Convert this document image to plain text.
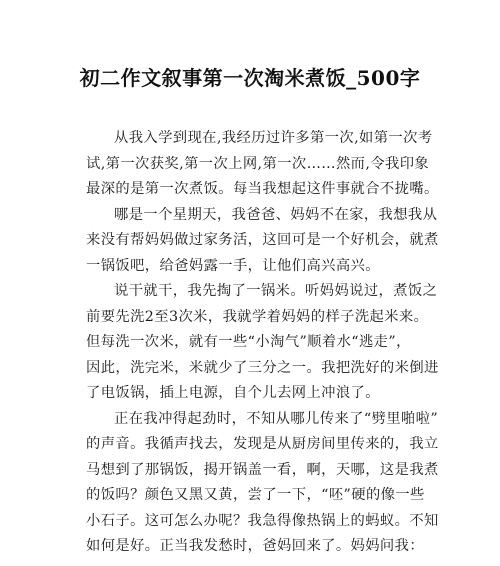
初二作文叙事第一次淘米煮饭_500字
从我入学到现在,我经历过许多第一次,如第一次考
试,第一次获奖,第一次上网,第一次……然而,令我印象
最深的是第一次煮饭。每当我想起这件事就合不拢嘴。
哪是一个星期天，我爸爸、妈妈不在家，我想我从
来没有帮妈妈做过家务活，这回可是一个好机会，就煮
一锅饭吧，给爸妈露一手，让他们高兴高兴。
说干就干，我先掏了一锅米。听妈妈说过，煮饭之
前要先洗2至3次米，我就学着妈妈的样子洗起米来。
但每洗一次米，就有一些“小淘气”顺着水“逃走”，
因此，洗完米，米就少了三分之一。我把洗好的米倒进
了电饭锅，插上电源，自个儿去网上冲浪了。
正在我冲得起劲时，不知从哪儿传来了“劈里啪啦”
的声音。我循声找去，发现是从厨房间里传来的，我立
马想到了那锅饭，揭开锅盖一看，啊，天哪，这是我煮
的饭吗？颜色又黑又黄，尝了一下，“呸”硬的像一些
小石子。这可怎么办呢？我急得像热锅上的蚂蚁。不知
如何是好。正当我发愁时，爸妈回来了。妈妈问我：
